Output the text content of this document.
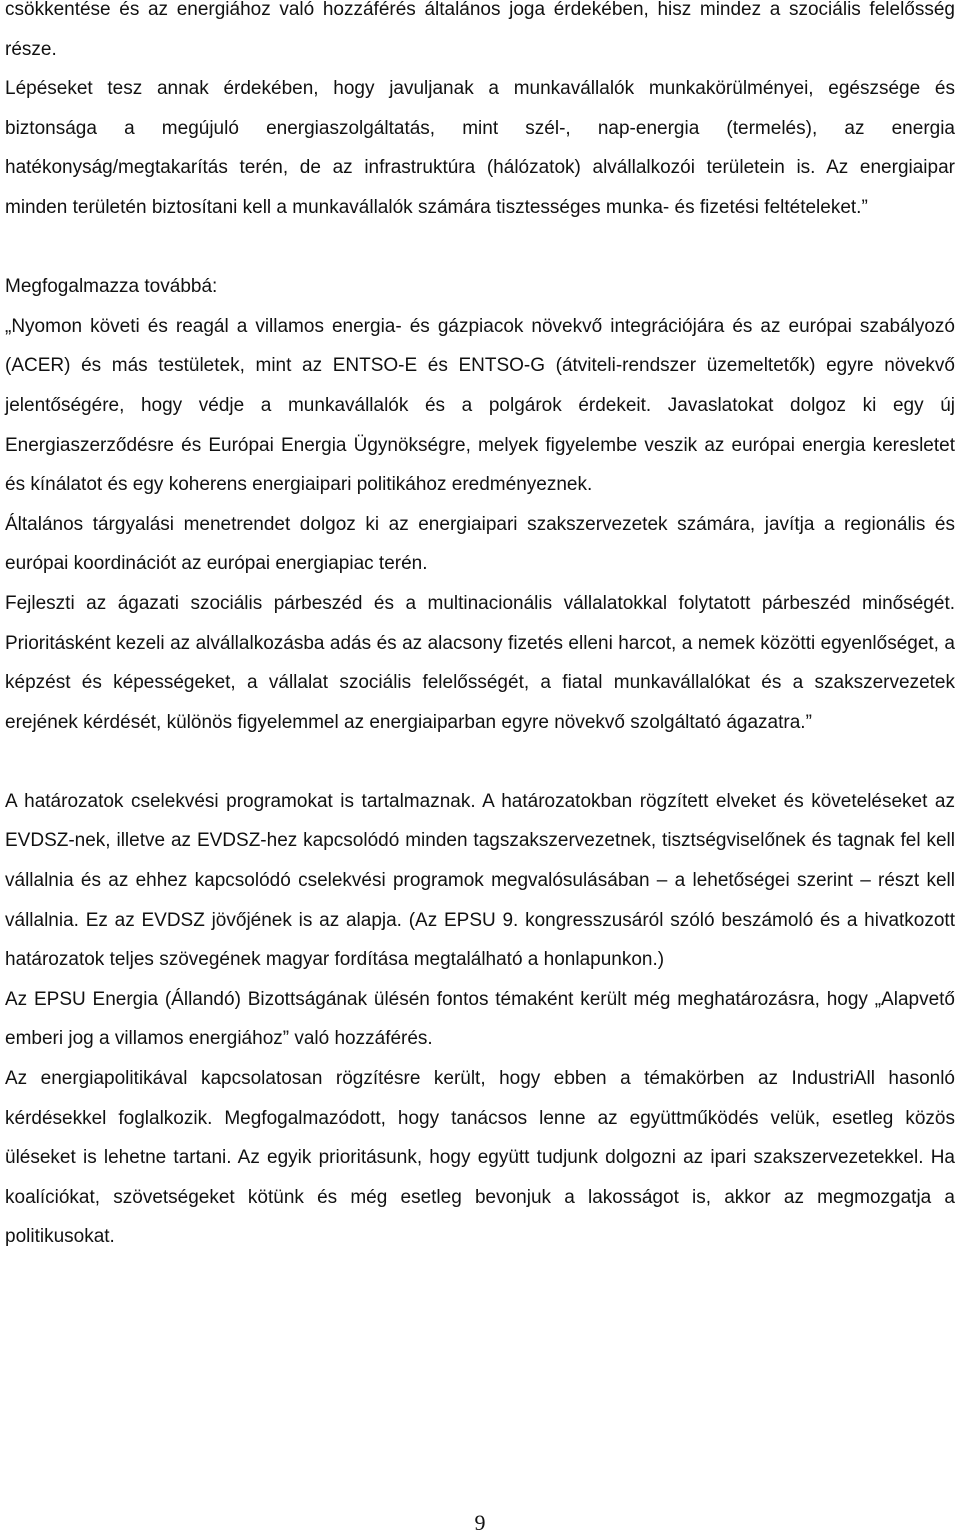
csökkentése és az energiához való hozzáférés általános joga érdekében, hisz mindez a szociális felelősség része.

Lépéseket tesz annak érdekében, hogy javuljanak a munkavállalók munkakörülményei, egészsége és biztonsága a megújuló energiaszolgáltatás, mint szél-, nap-energia (termelés), az energia hatékonyság/megtakarítás terén, de az infrastruktúra (hálózatok) alvállalkozói területein is. Az energiaipar minden területén biztosítani kell a munkavállalók számára tisztességes munka- és fizetési feltételeket.”

Megfogalmazza továbbá:

„Nyomon követi és reagál a villamos energia- és gázpiacok növekvő integrációjára és az európai szabályozó (ACER) és más testületek, mint az ENTSO-E és ENTSO-G (átviteli-rendszer üzemeltetők) egyre növekvő jelentőségére, hogy védje a munkavállalók és a polgárok érdekeit. Javaslatokat dolgoz ki egy új Energiaszerződésre és Európai Energia Ügynökségre, melyek figyelembe veszik az európai energia keresletet és kínálatot és egy koherens energiaipari politikához eredményeznek.

Általános tárgyalási menetrendet dolgoz ki az energiaipari szakszervezetek számára, javítja a regionális és európai koordinációt az európai energiapiac terén.

Fejleszti az ágazati szociális párbeszéd és a multinacionális vállalatokkal folytatott párbeszéd minőségét. Prioritásként kezeli az alvállalkozásba adás és az alacsony fizetés elleni harcot, a nemek közötti egyenlőséget, a képzést és képességeket, a vállalat szociális felelősségét, a fiatal munkavállalókat és a szakszervezetek erejének kérdését, különös figyelemmel az energiaiparban egyre növekvő szolgáltató ágazatra.”

A határozatok cselekvési programokat is tartalmaznak. A határozatokban rögzített elveket és követeléseket az EVDSZ-nek, illetve az EVDSZ-hez kapcsolódó minden tagszakszervezetnek, tisztségviselőnek és tagnak fel kell vállalnia és az ehhez kapcsolódó cselekvési programok megvalósulásában – a lehetőségei szerint – részt kell vállalnia. Ez az EVDSZ jövőjének is az alapja. (Az EPSU 9. kongresszusáról szóló beszámoló és a hivatkozott határozatok teljes szövegének magyar fordítása megtalálható a honlapunkon.)

Az EPSU Energia (Állandó) Bizottságának ülésén fontos témaként került még meghatározásra, hogy „Alapvető emberi jog a villamos energiához” való hozzáférés.

Az energiapolitikával kapcsolatosan rögzítésre került, hogy ebben a témakörben az IndustriAll hasonló kérdésekkel foglalkozik. Megfogalmazódott, hogy tanácsos lenne az együttműködés velük, esetleg közös üléseket is lehetne tartani. Az egyik prioritásunk, hogy együtt tudjunk dolgozni az ipari szakszervezetekkel. Ha koalíciókat, szövetségeket kötünk és még esetleg bevonjuk a lakosságot is, akkor az megmozgatja a politikusokat.

9
